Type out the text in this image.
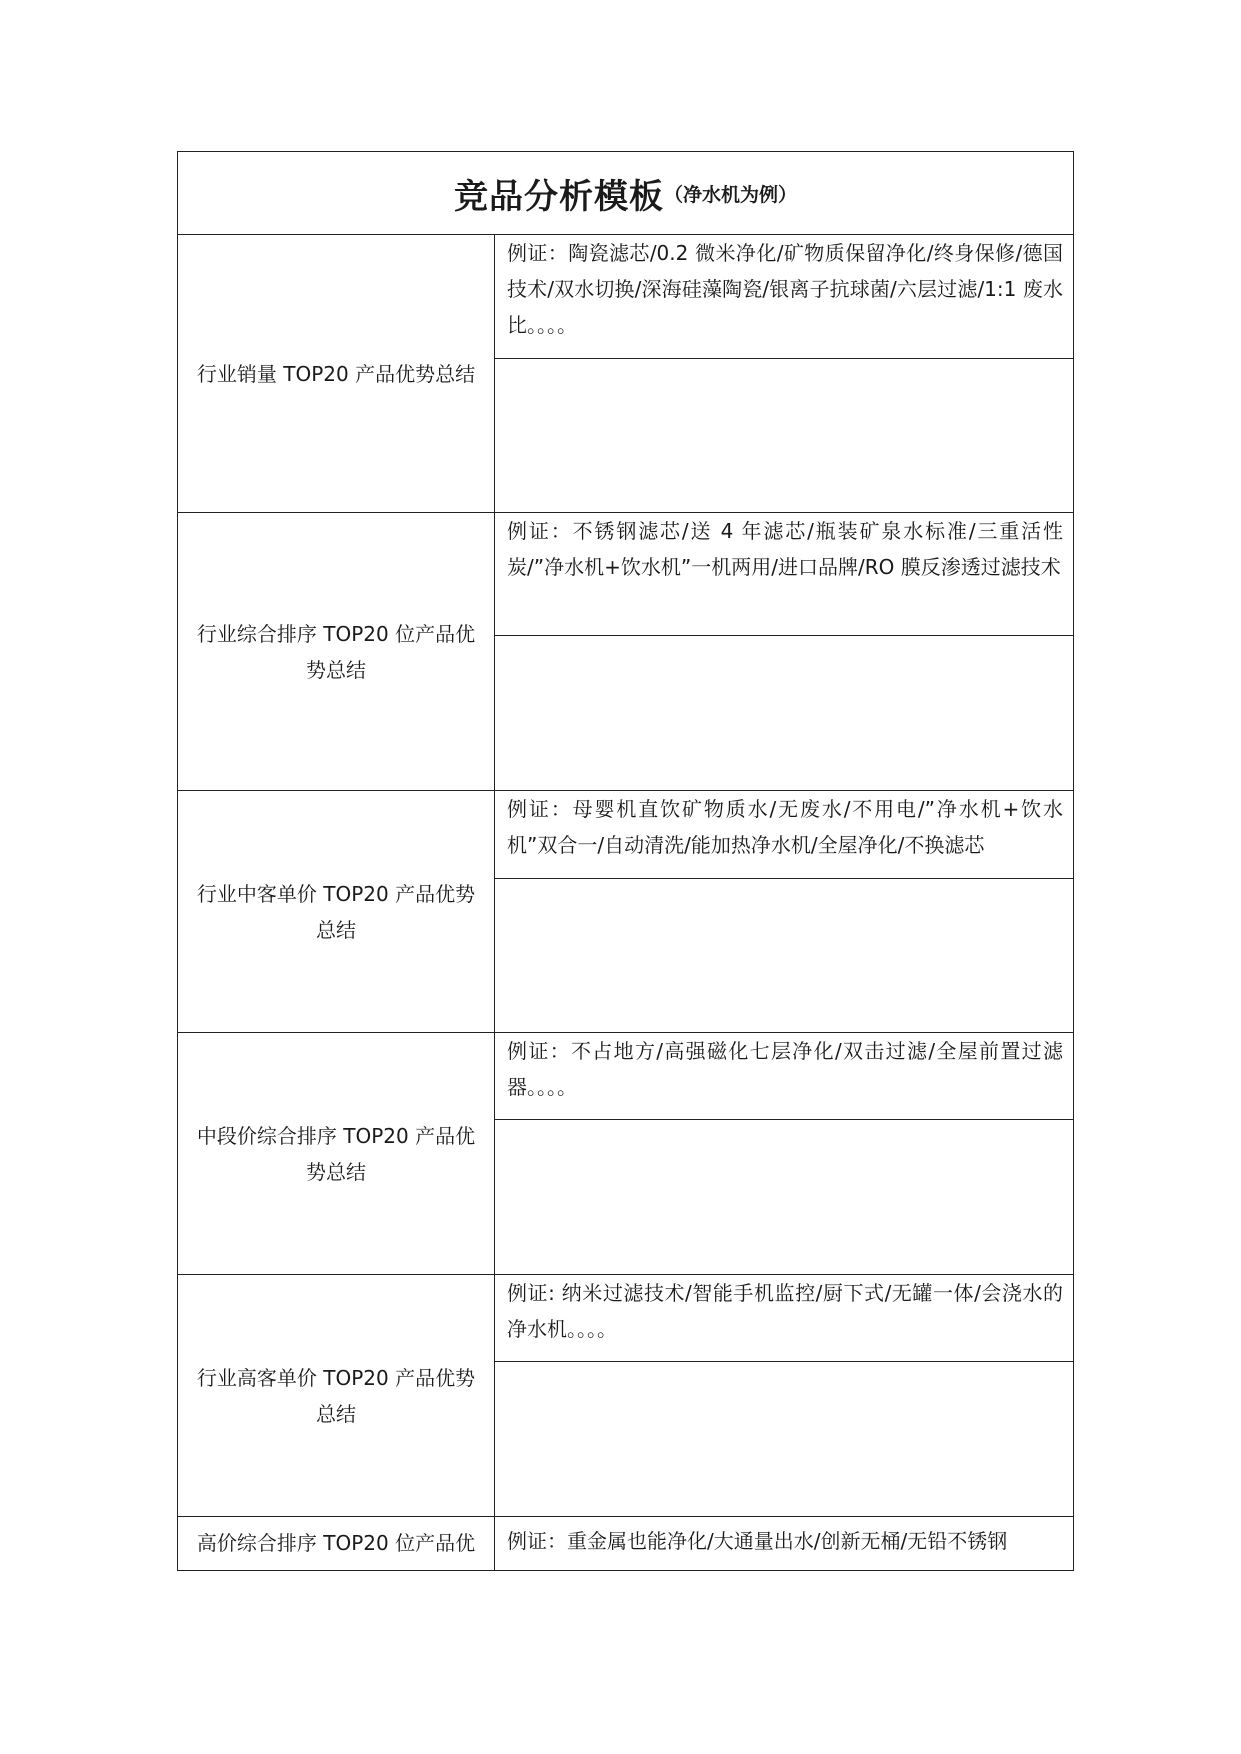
竞品分析模板（净水机为例）	
行业销量 TOP20 产品优势总结	例证：陶瓷滤芯/0.2 微米净化/矿物质保留净化/终身保修/德国技术/双水切换/深海硅藻陶瓷/银离子抗球菌/六层过滤/1:1 废水比。。。。

行业综合排序 TOP20 位产品优势总结	例证：不锈钢滤芯/送 4 年滤芯/瓶装矿泉水标准/三重活性炭/”净水机+饮水机”一机两用/进口品牌/RO 膜反渗透过滤技术

行业中客单价 TOP20 产品优势总结	例证：母婴机直饮矿物质水/无废水/不用电/”净水机+饮水机”双合一/自动清洗/能加热净水机/全屋净化/不换滤芯

中段价综合排序 TOP20 产品优势总结	例证：不占地方/高强磁化七层净化/双击过滤/全屋前置过滤器。。。。

行业高客单价 TOP20 产品优势总结	例证: 纳米过滤技术/智能手机监控/厨下式/无罐一体/会浇水的净水机。。。。

高价综合排序 TOP20 位产品优	例证：重金属也能净化/大通量出水/创新无桶/无铅不锈钢
